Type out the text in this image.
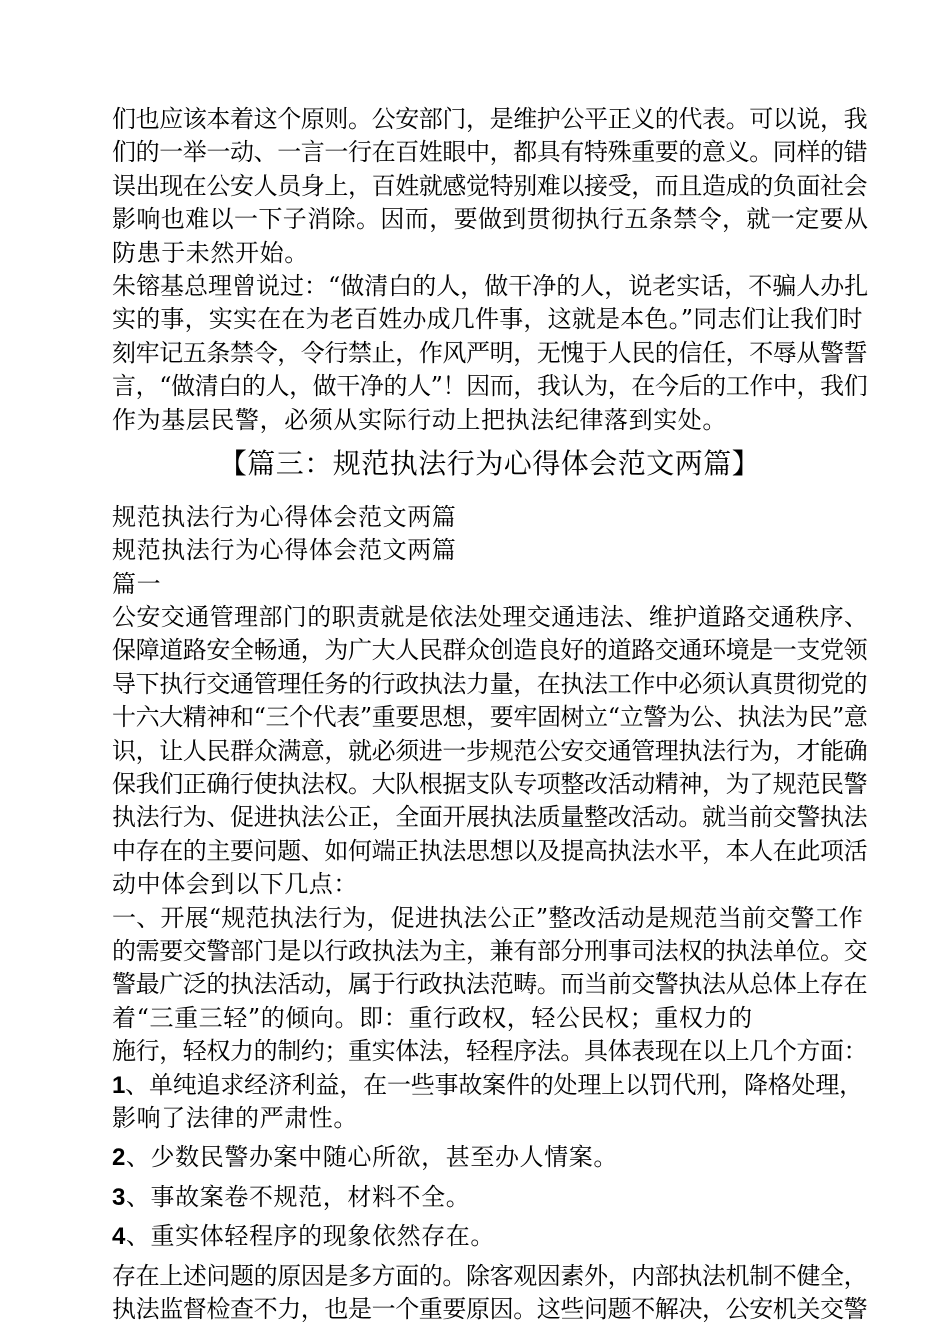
们也应该本着这个原则。公安部门，是维护公平正义的代表。可以说，我
们的一举一动、一言一行在百姓眼中，都具有特殊重要的意义。同样的错
误出现在公安人员身上，百姓就感觉特别难以接受，而且造成的负面社会
影响也难以一下子消除。因而，要做到贯彻执行五条禁令，就一定要从
防患于未然开始。
朱镕基总理曾说过：“做清白的人，做干净的人，说老实话，不骗人办扎
实的事，实实在在为老百姓办成几件事，这就是本色。”同志们让我们时
刻牢记五条禁令，令行禁止，作风严明，无愧于人民的信任，不辱从警誓
言，“做清白的人，做干净的人”！因而，我认为，在今后的工作中，我们
作为基层民警，必须从实际行动上把执法纪律落到实处。
【篇三：规范执法行为心得体会范文两篇】
规范执法行为心得体会范文两篇
规范执法行为心得体会范文两篇
篇一
公安交通管理部门的职责就是依法处理交通违法、维护道路交通秩序、
保障道路安全畅通，为广大人民群众创造良好的道路交通环境是一支党领
导下执行交通管理任务的行政执法力量，在执法工作中必须认真贯彻党的
十六大精神和“三个代表”重要思想，要牢固树立“立警为公、执法为民”意
识，让人民群众满意，就必须进一步规范公安交通管理执法行为，才能确
保我们正确行使执法权。大队根据支队专项整改活动精神，为了规范民警
执法行为、促进执法公正，全面开展执法质量整改活动。就当前交警执法
中存在的主要问题、如何端正执法思想以及提高执法水平，本人在此项活
动中体会到以下几点：
一、开展“规范执法行为，促进执法公正”整改活动是规范当前交警工作
的需要交警部门是以行政执法为主，兼有部分刑事司法权的执法单位。交
警最广泛的执法活动，属于行政执法范畴。而当前交警执法从总体上存在
着“三重三轻”的倾向。即：重行政权，轻公民权；重权力的
施行，轻权力的制约；重实体法，轻程序法。具体表现在以上几个方面：
1、单纯追求经济利益，在一些事故案件的处理上以罚代刑，降格处理，
影响了法律的严肃性。
2、少数民警办案中随心所欲，甚至办人情案。
3、事故案卷不规范，材料不全。
4、重实体轻程序的现象依然存在。
存在上述问题的原因是多方面的。除客观因素外，内部执法机制不健全，
执法监督检查不力，也是一个重要原因。这些问题不解决，公安机关交警
